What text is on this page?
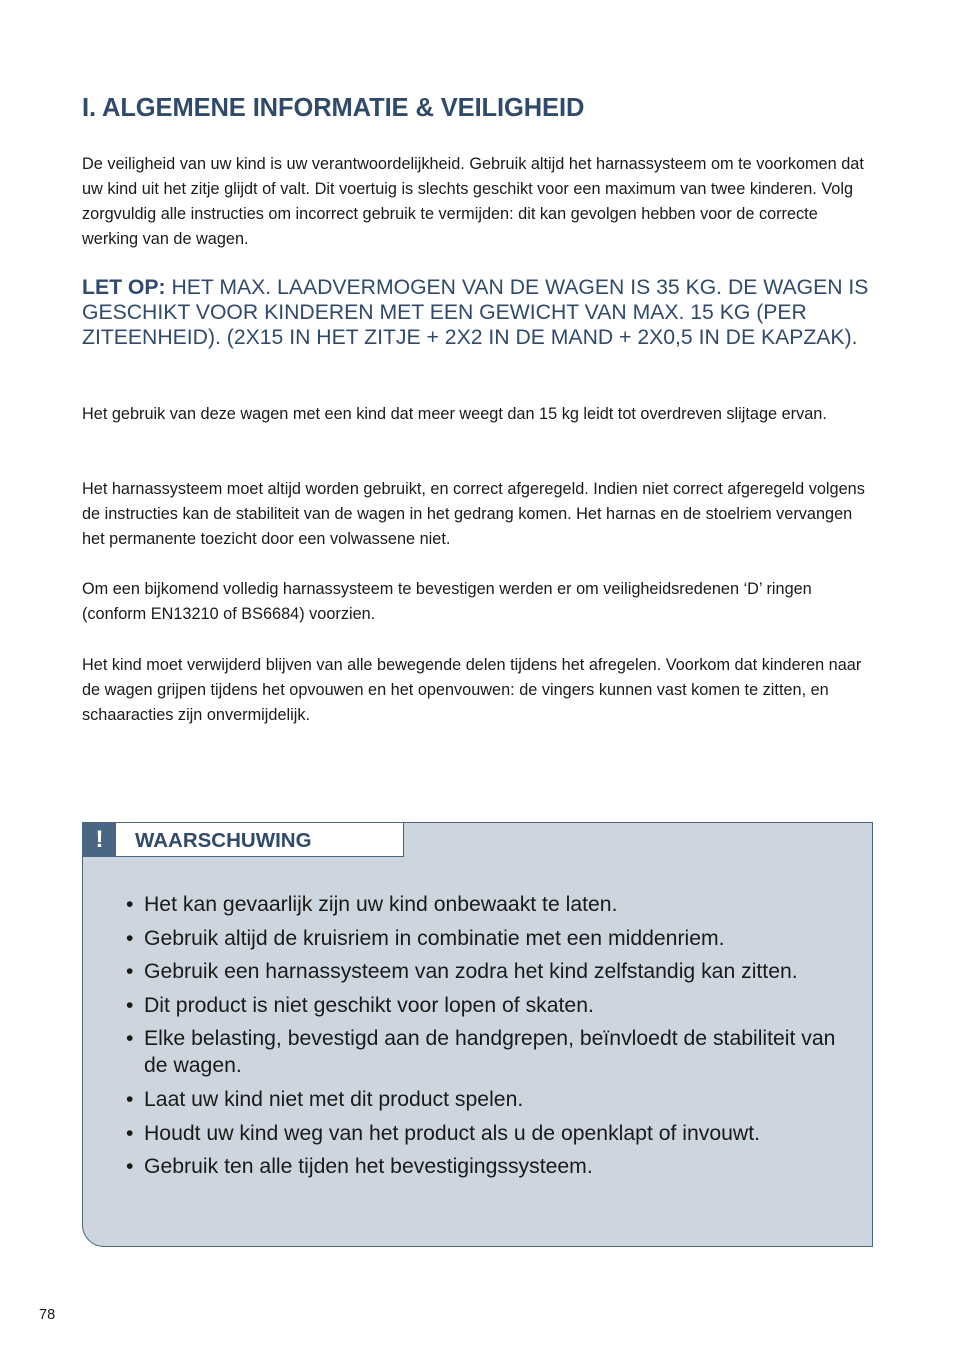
I. ALGEMENE INFORMATIE & VEILIGHEID

De veiligheid van uw kind is uw verantwoordelijkheid. Gebruik altijd het harnassysteem om te voorkomen dat uw kind uit het zitje glijdt of valt. Dit voertuig is slechts geschikt voor een maximum van twee kinderen. Volg zorgvuldig alle instructies om incorrect gebruik te vermijden: dit kan gevolgen hebben voor de correcte werking van de wagen.

LET OP: HET MAX. LAADVERMOGEN VAN DE WAGEN IS 35 KG. DE WAGEN IS GESCHIKT VOOR KINDEREN MET EEN GEWICHT VAN MAX. 15 KG (PER ZITEENHEID). (2X15 IN HET ZITJE + 2X2 IN DE MAND + 2X0,5 IN DE KAPZAK).

Het gebruik van deze wagen met een kind dat meer weegt dan 15 kg leidt tot overdreven slijtage ervan.

Het harnassysteem moet altijd worden gebruikt, en correct afgeregeld. Indien niet correct afgeregeld volgens de instructies kan de stabiliteit van de wagen in het gedrang komen. Het harnas en de stoelriem vervangen het permanente toezicht door een volwassene niet.

Om een bijkomend volledig harnassysteem te bevestigen werden er om veiligheidsredenen ‘D’ ringen (conform EN13210 of BS6684) voorzien.

Het kind moet verwijderd blijven van alle bewegende delen tijdens het afregelen. Voorkom dat kinderen naar de wagen grijpen tijdens het opvouwen en het openvouwen: de vingers kunnen vast komen te zitten, en schaaracties zijn onvermijdelijk.

!	WAARSCHUWING
• Het kan gevaarlijk zijn uw kind onbewaakt te laten.
• Gebruik altijd de kruisriem in combinatie met een middenriem.
• Gebruik een harnassysteem van zodra het kind zelfstandig kan zitten.
• Dit product is niet geschikt voor lopen of skaten.
• Elke belasting, bevestigd aan de handgrepen, beïnvloedt de stabiliteit van de wagen.
• Laat uw kind niet met dit product spelen.
• Houdt uw kind weg van het product als u de openklapt of invouwt.
• Gebruik ten alle tijden het bevestigingssysteem.
78
